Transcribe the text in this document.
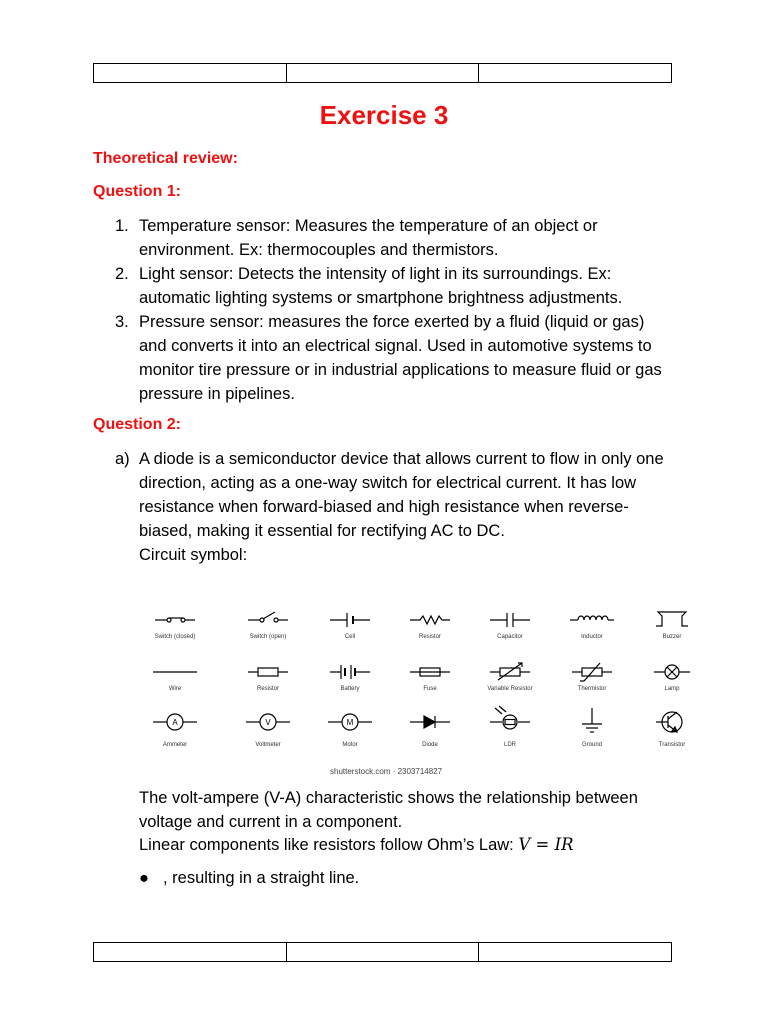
Exercise 3
Theoretical review:
Question 1:
1. Temperature sensor: Measures the temperature of an object or environment. Ex: thermocouples and thermistors.
2. Light sensor: Detects the intensity of light in its surroundings. Ex: automatic lighting systems or smartphone brightness adjustments.
3. Pressure sensor: measures the force exerted by a fluid (liquid or gas) and converts it into an electrical signal. Used in automotive systems to monitor tire pressure or in industrial applications to measure fluid or gas pressure in pipelines.
Question 2:
a) A diode is a semiconductor device that allows current to flow in only one direction, acting as a one-way switch for electrical current. It has low resistance when forward-biased and high resistance when reverse-biased, making it essential for rectifying AC to DC.
Circuit symbol:
A	V	M
Switch (closed)	Switch (open)	Cell	Resistor	Capacitor	Inductor	Buzzer
Wire	Resistor	Battery	Fuse	Variable Resistor	Thermistor	Lamp
Ammeter	Voltmeter	Motor	Diode	LDR	Ground	Transistor
shutterstock.com · 2303714827
The volt-ampere (V-A) characteristic shows the relationship between voltage and current in a component.
Linear components like resistors follow Ohm’s Law: V = IR
● , resulting in a straight line.
